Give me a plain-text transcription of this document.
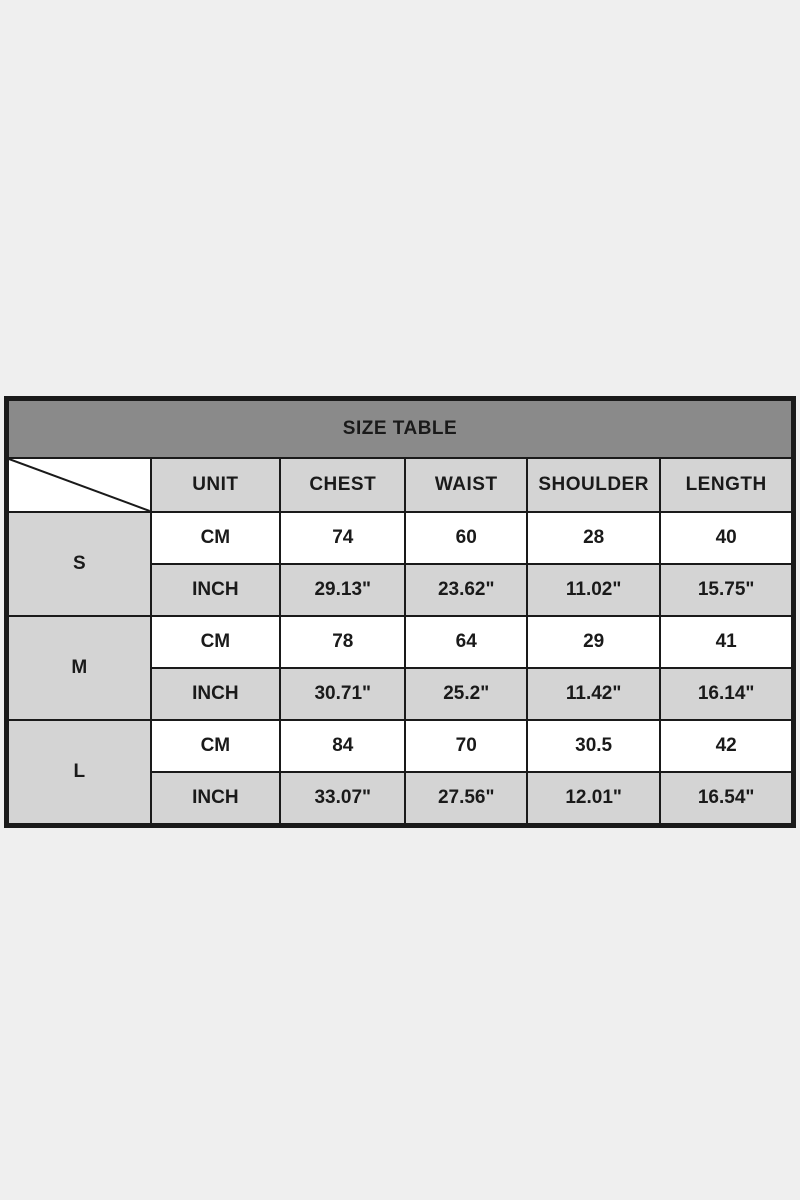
SIZE TABLE					

	UNIT	CHEST	WAIST	SHOULDER	LENGTH
S	CM	74	60	28	40
	INCH	29.13"	23.62"	11.02"	15.75"
M	CM	78	64	29	41
	INCH	30.71"	25.2"	11.42"	16.14"
L	CM	84	70	30.5	42
	INCH	33.07"	27.56"	12.01"	16.54"
